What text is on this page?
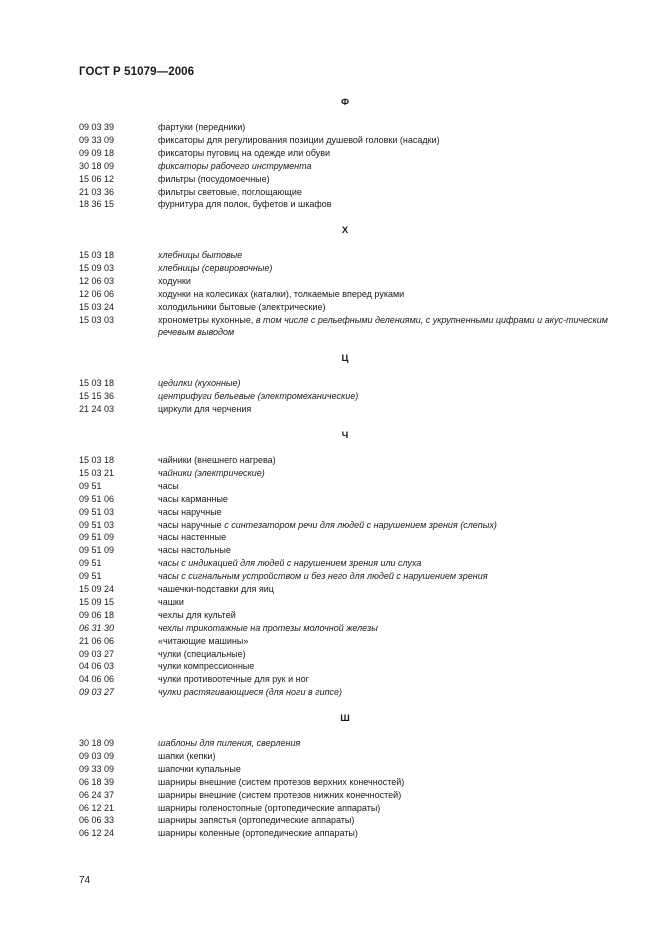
ГОСТ Р 51079—2006
Ф
09 03 39	фартуки (передники)
09 33 09	фиксаторы для регулирования позиции душевой головки (насадки)
09 09 18	фиксаторы пуговиц на одежде или обуви
30 18 09	фиксаторы рабочего инструмента
15 06 12	фильтры (посудомоечные)
21 03 36	фильтры световые, поглощающие
18 36 15	фурнитура для полок, буфетов и шкафов
Х
15 03 18	хлебницы бытовые
15 09 03	хлебницы (сервировочные)
12 06 03	ходунки
12 06 06	ходунки на колесиках (каталки), толкаемые вперед руками
15 03 24	холодильники бытовые (электрические)
15 03 03	хронометры кухонные, в том числе с рельефными делениями, с укрупненными цифрами и акус-тическим речевым выводом
Ц
15 03 18	цедилки (кухонные)
15 15 36	центрифуги бельевые (электромеханические)
21 24 03	циркули для черчения
Ч
15 03 18	чайники (внешнего нагрева)
15 03 21	чайники (электрические)
09 51	часы
09 51 06	часы карманные
09 51 03	часы наручные
09 51 03	часы наручные с синтезатором речи для людей с нарушением зрения (слепых)
09 51 09	часы настенные
09 51 09	часы настольные
09 51	часы с индикацией для людей с нарушением зрения или слуха
09 51	часы с сигнальным устройством и без него для людей с нарушением зрения
15 09 24	чашечки-подставки для яиц
15 09 15	чашки
09 06 18	чехлы для культей
06 31 30	чехлы трикотажные на протезы молочной железы
21 06 06	«читающие машины»
09 03 27	чулки (специальные)
04 06 03	чулки компрессионные
04 06 06	чулки противоотечные для рук и ног
09 03 27	чулки растягивающиеся (для ноги в гипсе)
Ш
30 18 09	шаблоны для пиления, сверления
09 03 09	шапки (кепки)
09 33 09	шапочки купальные
06 18 39	шарниры внешние (систем протезов верхних конечностей)
06 24 37	шарниры внешние (систем протезов нижних конечностей)
06 12 21	шарниры голеностопные (ортопедические аппараты)
06 06 33	шарниры запястья (ортопедические аппараты)
06 12 24	шарниры коленные (ортопедические аппараты)
74
